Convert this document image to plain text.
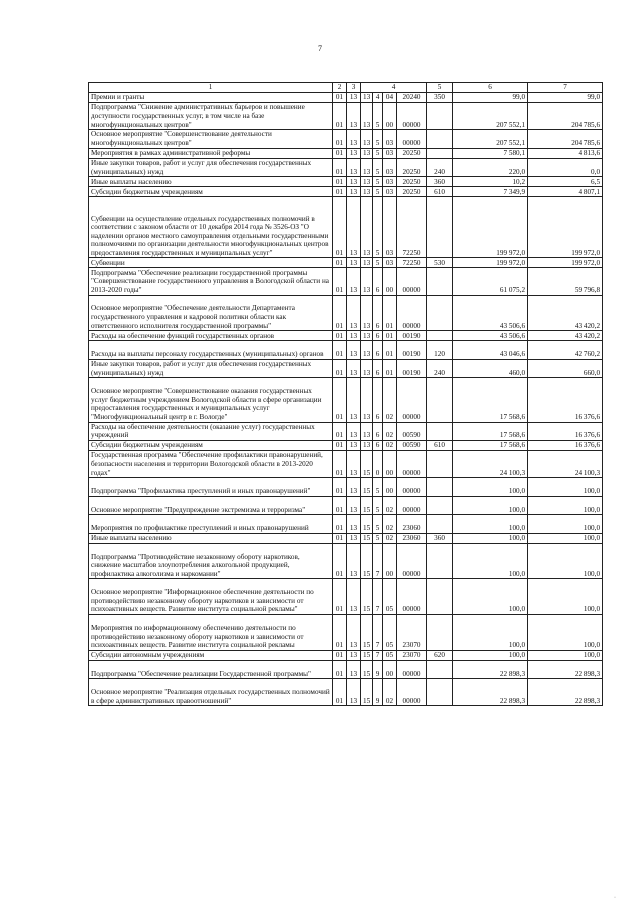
7
1	2	3	4				5	6	7
Премии и гранты	01	13	13	4	04	20240	350	99,0	99,0
Подпрограмма "Снижение административных барьеров и повышение доступности государственных услуг, в том числе на базе многофункциональных центров"	01	13	13	5	00	00000		207 552,1	204 785,6
Основное мероприятие "Совершенствование деятельности многофункциональных центров"	01	13	13	5	03	00000		207 552,1	204 785,6
Мероприятия в рамках административной реформы	01	13	13	5	03	20250		7 580,1	4 813,6
Иные закупки товаров, работ и услуг для обеспечения государственных (муниципальных) нужд	01	13	13	5	03	20250	240	220,0	0,0
Иные выплаты населению	01	13	13	5	03	20250	360	10,2	6,5
Субсидии бюджетным учреждениям	01	13	13	5	03	20250	610	7 349,9	4 807,1
Субвенции на осуществление отдельных государственных полномочий в соответствии с законом области от 10 декабря 2014 года № 3526-ОЗ "О наделении органов местного самоуправления отдельными государственными полномочиями по организации деятельности многофункциональных центров предоставления государственных и муниципальных услуг"	01	13	13	5	03	72250		199 972,0	199 972,0
Субвенции	01	13	13	5	03	72250	530	199 972,0	199 972,0
Подпрограмма "Обеспечение реализации государственной программы "Совершенствование государственного управления в Вологодской области на 2013-2020 годы"	01	13	13	6	00	00000		61 075,2	59 796,8
Основное мероприятие "Обеспечение деятельности Департамента государственного управления и кадровой политики области как ответственного исполнителя государственной программы"	01	13	13	6	01	00000		43 506,6	43 420,2
Расходы на обеспечение функций государственных органов	01	13	13	6	01	00190		43 506,6	43 420,2
Расходы на выплаты персоналу государственных (муниципальных) органов	01	13	13	6	01	00190	120	43 046,6	42 760,2
Иные закупки товаров, работ и услуг для обеспечения государственных (муниципальных) нужд	01	13	13	6	01	00190	240	460,0	660,0
Основное мероприятие "Совершенствование оказания государственных услуг бюджетным учреждением Вологодской области в сфере организации предоставления государственных и муниципальных услуг "Многофункциональный центр в г. Вологде"	01	13	13	6	02	00000		17 568,6	16 376,6
Расходы на обеспечение деятельности (оказание услуг) государственных учреждений	01	13	13	6	02	00590		17 568,6	16 376,6
Субсидии бюджетным учреждениям	01	13	13	6	02	00590	610	17 568,6	16 376,6
Государственная программа "Обеспечение профилактики правонарушений, безопасности населения и территории Вологодской области в 2013-2020 годах"	01	13	15	0	00	00000		24 100,3	24 100,3
Подпрограмма "Профилактика преступлений и иных правонарушений"	01	13	15	5	00	00000		100,0	100,0
Основное мероприятие "Предупреждение экстремизма и терроризма"	01	13	15	5	02	00000		100,0	100,0
Мероприятия по профилактике преступлений и иных правонарушений	01	13	15	5	02	23060		100,0	100,0
Иные выплаты населению	01	13	15	5	02	23060	360	100,0	100,0
Подпрограмма "Противодействие незаконному обороту наркотиков, снижение масштабов злоупотребления алкогольной продукцией, профилактика алкоголизма и наркомании"	01	13	15	7	00	00000		100,0	100,0
Основное мероприятие "Информационное обеспечение деятельности по противодействию незаконному обороту наркотиков и зависимости от психоактивных веществ. Развитие института социальной рекламы"	01	13	15	7	05	00000		100,0	100,0
Мероприятия по информационному обеспечению деятельности по противодействию незаконному обороту наркотиков и зависимости от психоактивных веществ. Развитие института социальной рекламы	01	13	15	7	05	23070		100,0	100,0
Субсидии автономным учреждениям	01	13	15	7	05	23070	620	100,0	100,0
Подпрограмма "Обеспечение реализации Государственной программы"	01	13	15	9	00	00000		22 898,3	22 898,3
Основное мероприятие "Реализация отдельных государственных полномочий в сфере административных правоотношений"	01	13	15	9	02	00000		22 898,3	22 898,3
·
